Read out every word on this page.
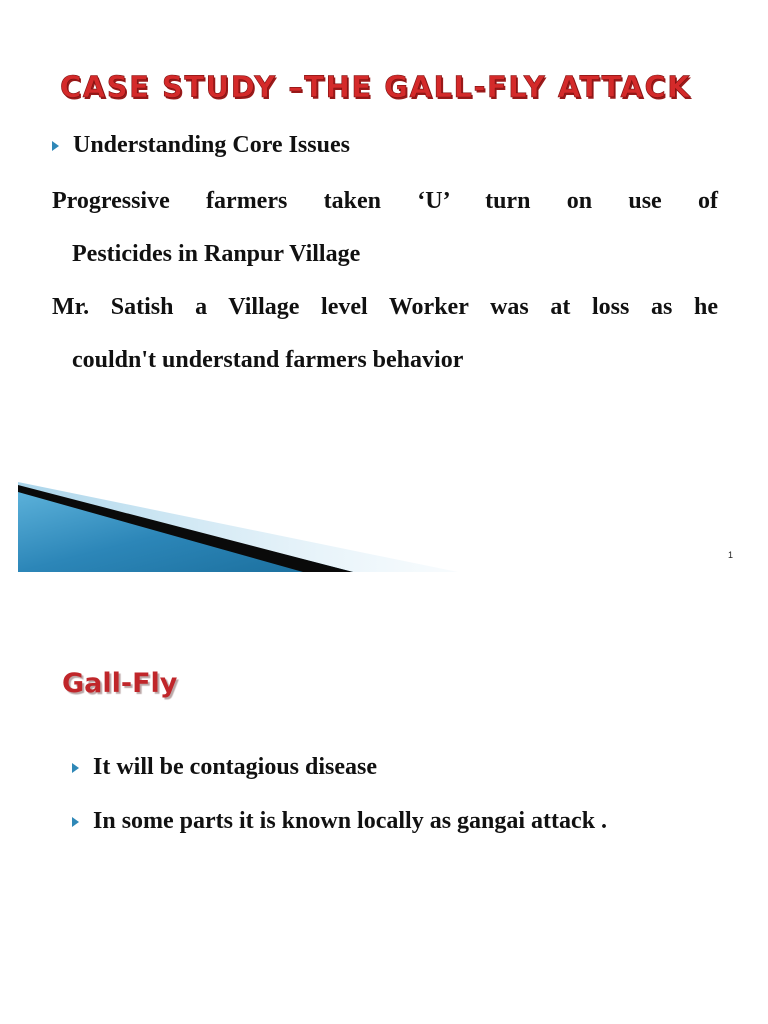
CASE STUDY –THE GALL-FLY ATTACK
Understanding Core Issues

Progressive farmers taken ‘U’ turn on use of
Pesticides in Ranpur Village

Mr. Satish a Village level Worker was at loss as he
couldn't understand farmers behavior

1
Gall-Fly
It will be contagious disease
In some parts it is known locally as gangai attack .
